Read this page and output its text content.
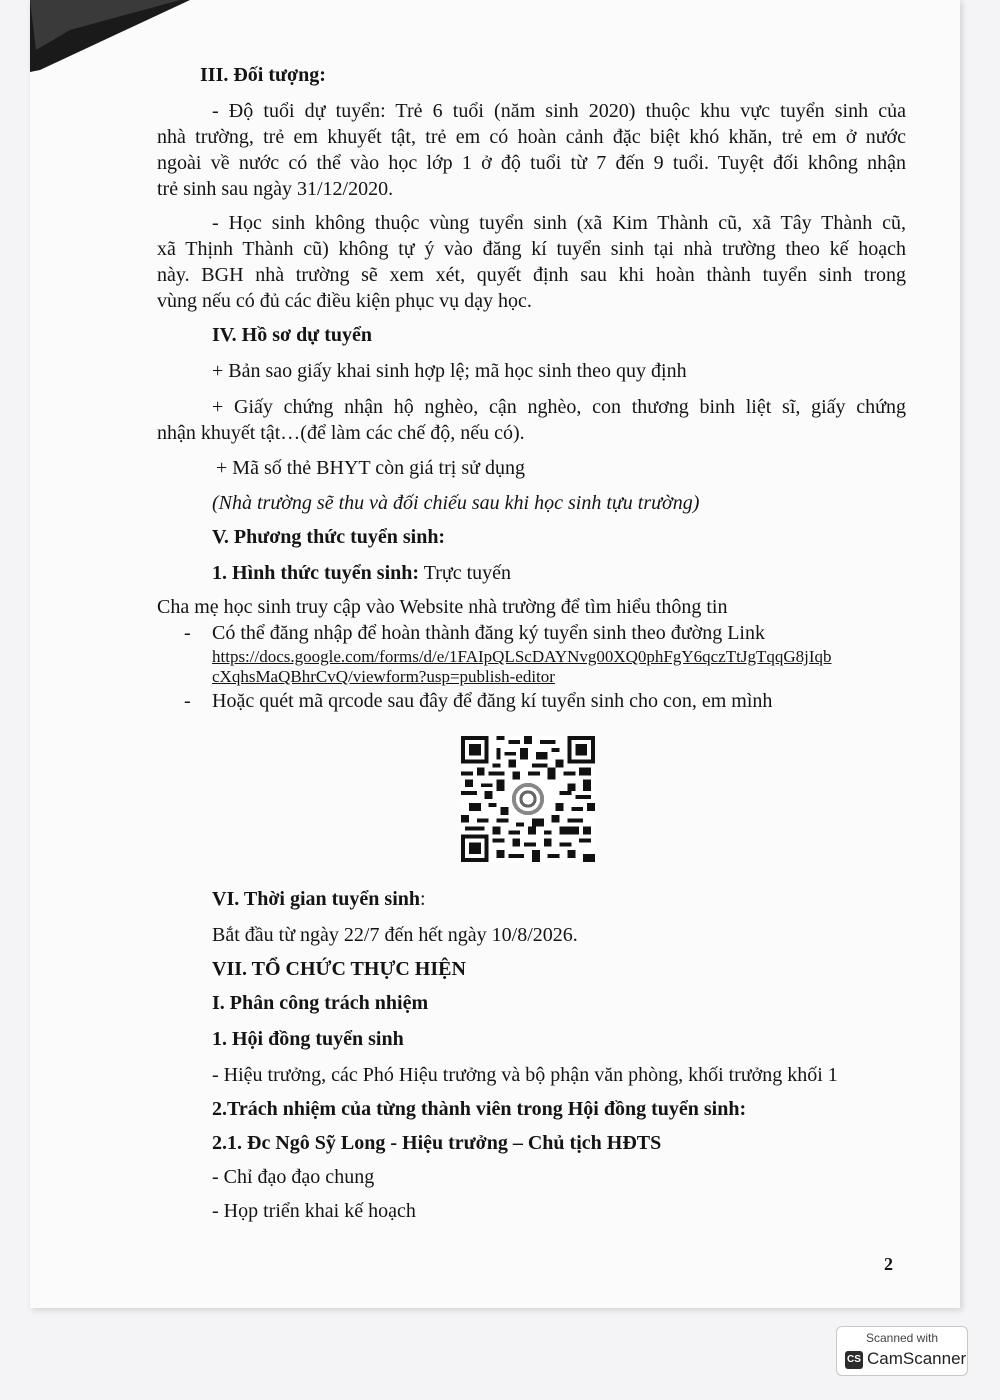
III. Đối tượng:
- Độ tuổi dự tuyển: Trẻ 6 tuổi (năm sinh 2020) thuộc khu vực tuyển sinh của
nhà trường, trẻ em khuyết tật, trẻ em có hoàn cảnh đặc biệt khó khăn, trẻ em ở nước
ngoài về nước có thể vào học lớp 1 ở độ tuổi từ 7 đến 9 tuổi. Tuyệt đối không nhận
trẻ sinh sau ngày 31/12/2020.
- Học sinh không thuộc vùng tuyển sinh (xã Kim Thành cũ, xã Tây Thành cũ,
xã Thịnh Thành cũ) không tự ý vào đăng kí tuyển sinh tại nhà trường theo kế hoạch
này. BGH nhà trường sẽ xem xét, quyết định sau khi hoàn thành tuyển sinh trong
vùng nếu có đủ các điều kiện phục vụ dạy học.
IV. Hồ sơ dự tuyển
+ Bản sao giấy khai sinh hợp lệ; mã học sinh theo quy định
+ Giấy chứng nhận hộ nghèo, cận nghèo, con thương binh liệt sĩ, giấy chứng
nhận khuyết tật…(để làm các chế độ, nếu có).
+ Mã số thẻ BHYT còn giá trị sử dụng
(Nhà trường sẽ thu và đối chiếu sau khi học sinh tựu trường)
V. Phương thức tuyển sinh:
1. Hình thức tuyển sinh: Trực tuyến
Cha mẹ học sinh truy cập vào Website nhà trường để tìm hiểu thông tin
- Có thể đăng nhập để hoàn thành đăng ký tuyển sinh theo đường Link
https://docs.google.com/forms/d/e/1FAIpQLScDAYNvg00XQ0phFgY6qczTtJgTqqG8jIqb
cXqhsMaQBhrCvQ/viewform?usp=publish-editor
- Hoặc quét mã qrcode sau đây để đăng kí tuyển sinh cho con, em mình
VI. Thời gian tuyển sinh:
Bắt đầu từ ngày 22/7 đến hết ngày 10/8/2026.
VII. TỔ CHỨC THỰC HIỆN
I. Phân công trách nhiệm
1. Hội đồng tuyển sinh
- Hiệu trưởng, các Phó Hiệu trưởng và bộ phận văn phòng, khối trưởng khối 1
2.Trách nhiệm của từng thành viên trong Hội đồng tuyển sinh:
2.1. Đc Ngô Sỹ Long - Hiệu trưởng – Chủ tịch HĐTS
- Chỉ đạo đạo chung
- Họp triển khai kế hoạch
2
Scanned with
CS CamScanner
